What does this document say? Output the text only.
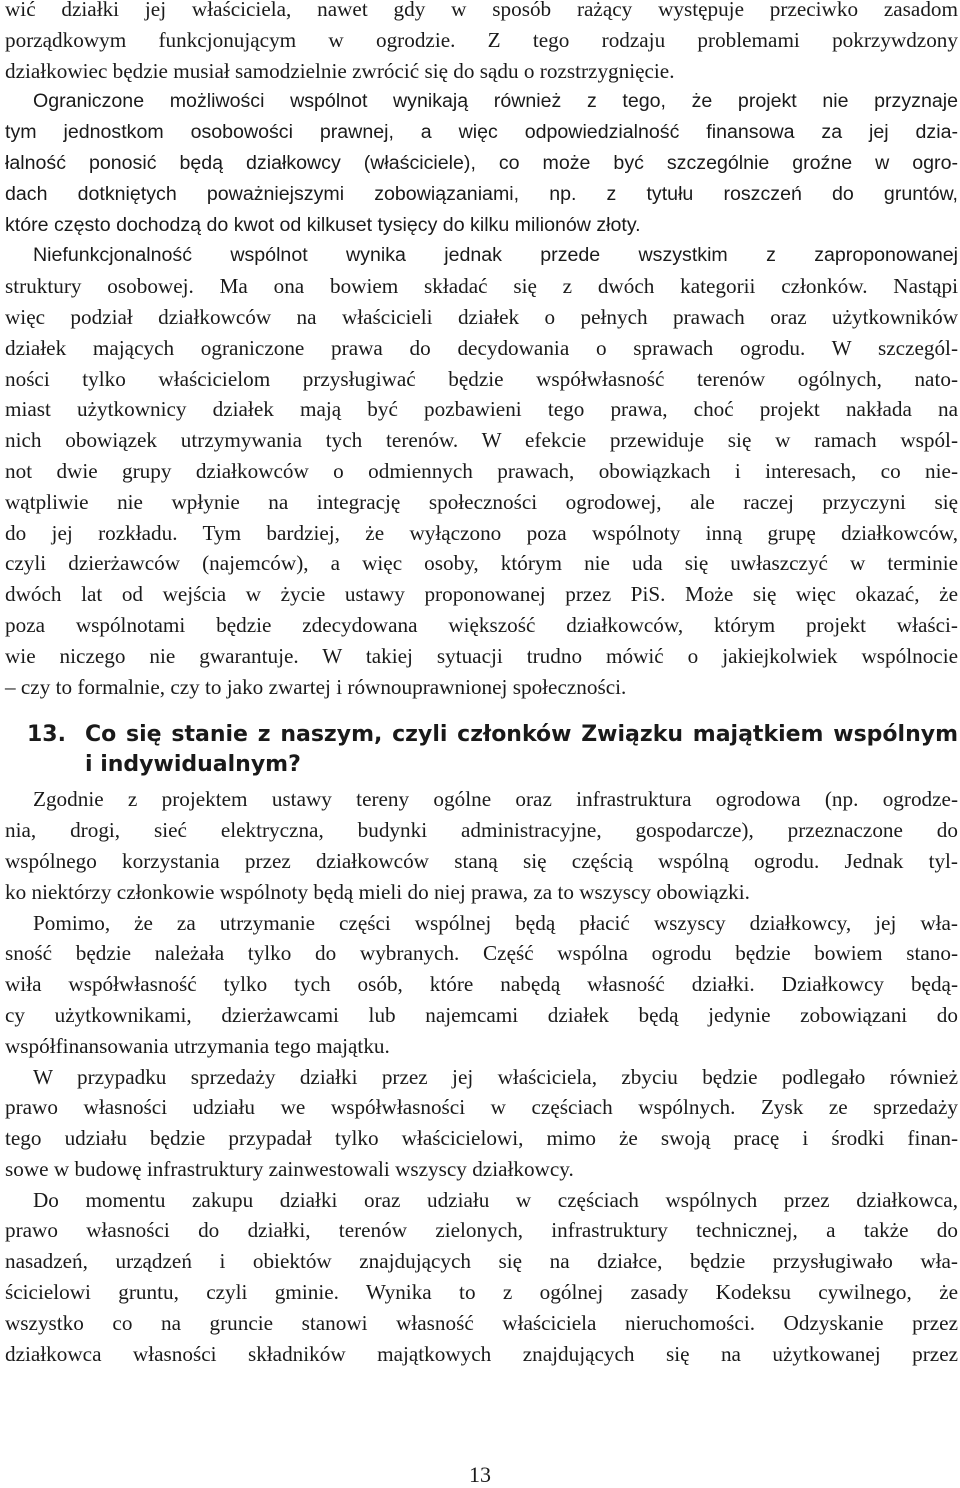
wić działki jej właściciela, nawet gdy w sposób rażący występuje przeciwko zasadom
porządkowym funkcjonującym w ogrodzie. Z tego rodzaju problemami pokrzywdzony
działkowiec będzie musiał samodzielnie zwrócić się do sądu o rozstrzygnięcie.

Ograniczone możliwości wspólnot wynikają również z tego, że projekt nie przyznaje
tym jednostkom osobowości prawnej, a więc odpowiedzialność finansowa za jej dzia-
łalność ponosić będą działkowcy (właściciele), co może być szczególnie groźne w ogro-
dach dotkniętych poważniejszymi zobowiązaniami, np. z tytułu roszczeń do gruntów,
które często dochodzą do kwot od kilkuset tysięcy do kilku milionów złoty.

Niefunkcjonalność wspólnot wynika jednak przede wszystkim z zaproponowanej
struktury osobowej. Ma ona bowiem składać się z dwóch kategorii członków. Nastąpi
więc podział działkowców na właścicieli działek o pełnych prawach oraz użytkowników
działek mających ograniczone prawa do decydowania o sprawach ogrodu. W szczegól-
ności tylko właścicielom przysługiwać będzie współwłasność terenów ogólnych, nato-
miast użytkownicy działek mają być pozbawieni tego prawa, choć projekt nakłada na
nich obowiązek utrzymywania tych terenów. W efekcie przewiduje się w ramach wspól-
not dwie grupy działkowców o odmiennych prawach, obowiązkach i interesach, co nie-
wątpliwie nie wpłynie na integrację społeczności ogrodowej, ale raczej przyczyni się
do jej rozkładu. Tym bardziej, że wyłączono poza wspólnoty inną grupę działkowców,
czyli dzierżawców (najemców), a więc osoby, którym nie uda się uwłaszczyć w terminie
dwóch lat od wejścia w życie ustawy proponowanej przez PiS. Może się więc okazać, że
poza wspólnotami będzie zdecydowana większość działkowców, którym projekt właści-
wie niczego nie gwarantuje. W takiej sytuacji trudno mówić o jakiejkolwiek wspólnocie
– czy to formalnie, czy to jako zwartej i równouprawnionej społeczności.

13. Co się stanie z naszym, czyli członków Związku majątkiem wspólnym
i indywidualnym?

Zgodnie z projektem ustawy tereny ogólne oraz infrastruktura ogrodowa (np. ogrodze-
nia, drogi, sieć elektryczna, budynki administracyjne, gospodarcze), przeznaczone do
wspólnego korzystania przez działkowców staną się częścią wspólną ogrodu. Jednak tyl-
ko niektórzy członkowie wspólnoty będą mieli do niej prawa, za to wszyscy obowiązki.

Pomimo, że za utrzymanie części wspólnej będą płacić wszyscy działkowcy, jej wła-
sność będzie należała tylko do wybranych. Część wspólna ogrodu będzie bowiem stano-
wiła współwłasność tylko tych osób, które nabędą własność działki. Działkowcy będą-
cy użytkownikami, dzierżawcami lub najemcami działek będą jedynie zobowiązani do
współfinansowania utrzymania tego majątku.

W przypadku sprzedaży działki przez jej właściciela, zbyciu będzie podlegało również
prawo własności udziału we współwłasności w częściach wspólnych. Zysk ze sprzedaży
tego udziału będzie przypadał tylko właścicielowi, mimo że swoją pracę i środki finan-
sowe w budowę infrastruktury zainwestowali wszyscy działkowcy.

Do momentu zakupu działki oraz udziału w częściach wspólnych przez działkowca,
prawo własności do działki, terenów zielonych, infrastruktury technicznej, a także do
nasadzeń, urządzeń i obiektów znajdujących się na działce, będzie przysługiwało wła-
ścicielowi gruntu, czyli gminie. Wynika to z ogólnej zasady Kodeksu cywilnego, że
wszystko co na gruncie stanowi własność właściciela nieruchomości. Odzyskanie przez
działkowca własności składników majątkowych znajdujących się na użytkowanej przez

13
